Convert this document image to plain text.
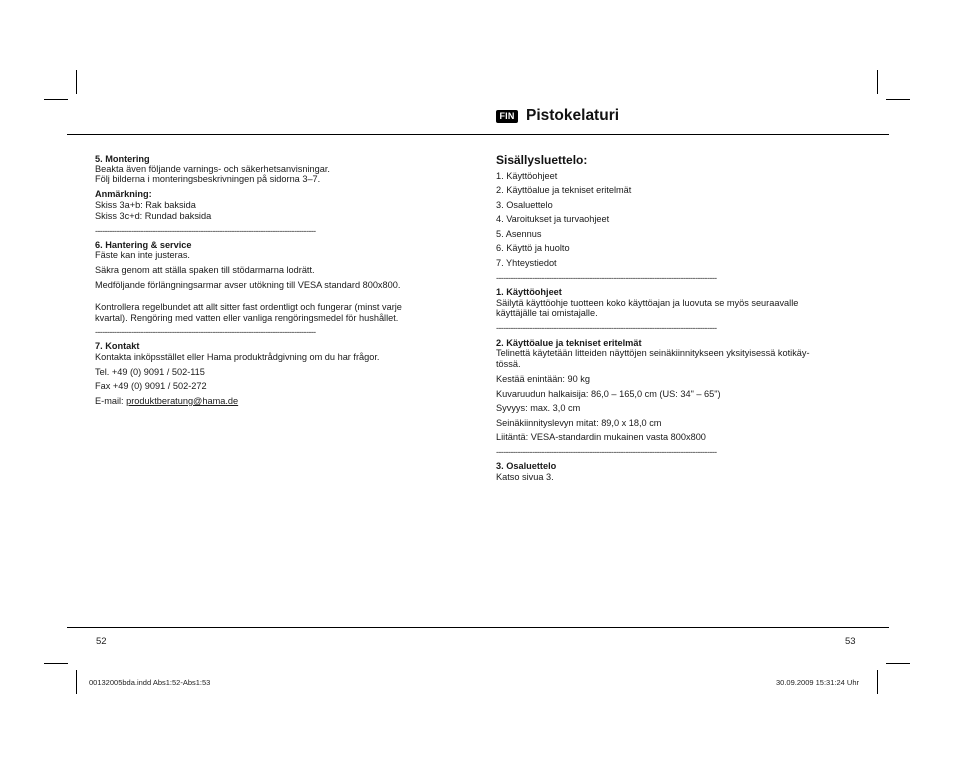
FIN Pistokelaturi
5. Montering
Beakta även följande varnings- och säkerhetsanvisningar.
Följ bilderna i monteringsbeskrivningen på sidorna 3–7.
Anmärkning:
Skiss 3a+b: Rak baksida
Skiss 3c+d: Rundad baksida
--------------------------------------------------------------------------------------------
6. Hantering & service
Fäste kan inte justeras.
Säkra genom att ställa spaken till stödarmarna lodrätt.
Medföljande förlängningsarmar avser utökning till VESA standard 800x800.
Kontrollera regelbundet att allt sitter fast ordentligt och fungerar (minst varje
kvartal). Rengöring med vatten eller vanliga rengöringsmedel för hushållet.
--------------------------------------------------------------------------------------------
7. Kontakt
Kontakta inköpsstället eller Hama produktrådgivning om du har frågor.
Tel. +49 (0) 9091 / 502-115
Fax +49 (0) 9091 / 502-272
E-mail: produktberatung@hama.de
Sisällysluettelo:
1. Käyttöohjeet
2. Käyttöalue ja tekniset eritelmät
3. Osaluettelo
4. Varoitukset ja turvaohjeet
5. Asennus
6. Käyttö ja huolto
7. Yhteystiedot
--------------------------------------------------------------------------------------------
1. Käyttöohjeet
Säilytä käyttöohje tuotteen koko käyttöajan ja luovuta se myös seuraavalle
käyttäjälle tai omistajalle.
--------------------------------------------------------------------------------------------
2. Käyttöalue ja tekniset eritelmät
Telinettä käytetään litteiden näyttöjen seinäkiinnitykseen yksityisessä kotikäy-
tössä.
Kestää enintään: 90 kg
Kuvaruudun halkaisija: 86,0 – 165,0 cm (US: 34" – 65")
Syvyys: max. 3,0 cm
Seinäkiinnityslevyn mitat: 89,0 x 18,0 cm
Liitäntä: VESA-standardin mukainen vasta 800x800
--------------------------------------------------------------------------------------------
3. Osaluettelo
Katso sivua 3.
52	53
00132005bda.indd Abs1:52-Abs1:53	30.09.2009 15:31:24 Uhr
